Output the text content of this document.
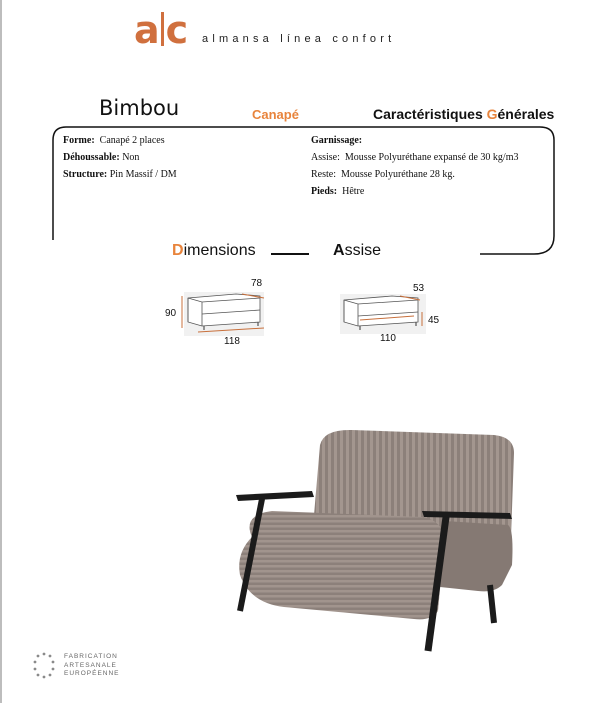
a c almansa línea confort
Bimbou	Canapé	Caractéristiques Générales
Forme: Canapé 2 places
Déhoussable: Non
Structure: Pin Massif / DM
Garnissage:
Assise: Mousse Polyuréthane expansé de 30 kg/m3
Reste: Mousse Polyuréthane 28 kg.
Pieds: Hêtre
Dimensions	Assise
90
78
118
53
45
110
FABRICATION
ARTESANALE
EUROPÉENNE
